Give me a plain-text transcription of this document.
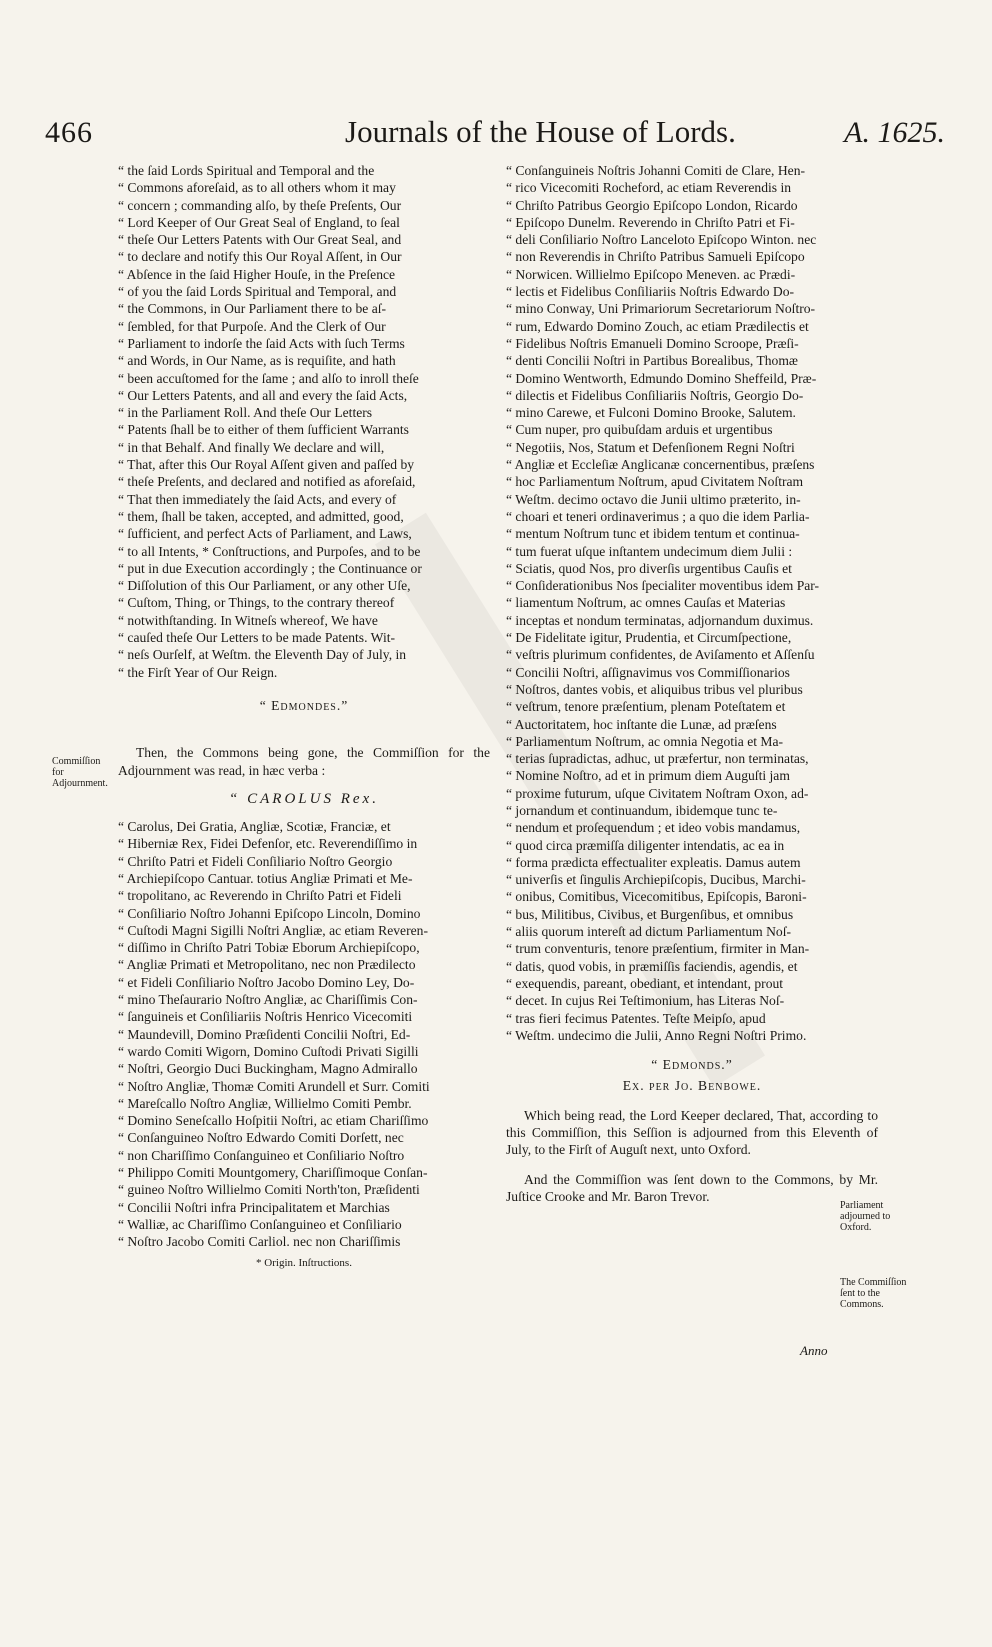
466	Journals of the House of Lords.	A. 1625.

“ the ſaid Lords Spiritual and Temporal and the

“ Commons aforeſaid, as to all others whom it may

“ concern ; commanding alſo, by theſe Preſents, Our

“ Lord Keeper of Our Great Seal of England, to ſeal

“ theſe Our Letters Patents with Our Great Seal, and

“ to declare and notify this Our Royal Aſſent, in Our

“ Abſence in the ſaid Higher Houſe, in the Preſence

“ of you the ſaid Lords Spiritual and Temporal, and

“ the Commons, in Our Parliament there to be aſ-

“ ſembled, for that Purpoſe. And the Clerk of Our

“ Parliament to indorſe the ſaid Acts with ſuch Terms

“ and Words, in Our Name, as is requiſite, and hath

“ been accuſtomed for the ſame ; and alſo to inroll theſe

“ Our Letters Patents, and all and every the ſaid Acts,

“ in the Parliament Roll. And theſe Our Letters

“ Patents ſhall be to either of them ſufficient Warrants

“ in that Behalf. And finally We declare and will,

“ That, after this Our Royal Aſſent given and paſſed by

“ theſe Preſents, and declared and notified as aforeſaid,

“ That then immediately the ſaid Acts, and every of

“ them, ſhall be taken, accepted, and admitted, good,

“ ſufficient, and perfect Acts of Parliament, and Laws,

“ to all Intents, * Conſtructions, and Purpoſes, and to be

“ put in due Execution accordingly ; the Continuance or

“ Diſſolution of this Our Parliament, or any other Uſe,

“ Cuſtom, Thing, or Things, to the contrary thereof

“ notwithſtanding. In Witneſs whereof, We have

“ cauſed theſe Our Letters to be made Patents. Wit-

“ neſs Ourſelf, at Weſtm. the Eleventh Day of July, in

“ the Firſt Year of Our Reign.

“ Edmondes.”

Then, the Commons being gone, the Commiſſion for the Adjournment was read, in hæc verba :

“ CAROLUS Rex.

“ Carolus, Dei Gratia, Angliæ, Scotiæ, Franciæ, et

“ Hiberniæ Rex, Fidei Defenſor, etc. Reverendiſſimo in

“ Chriſto Patri et Fideli Conſiliario Noſtro Georgio

“ Archiepiſcopo Cantuar. totius Angliæ Primati et Me-

“ tropolitano, ac Reverendo in Chriſto Patri et Fideli

“ Conſiliario Noſtro Johanni Epiſcopo Lincoln, Domino

“ Cuſtodi Magni Sigilli Noſtri Angliæ, ac etiam Reveren-

“ diſſimo in Chriſto Patri Tobiæ Eborum Archiepiſcopo,

“ Angliæ Primati et Metropolitano, nec non Prædilecto

“ et Fideli Conſiliario Noſtro Jacobo Domino Ley, Do-

“ mino Theſaurario Noſtro Angliæ, ac Chariſſimis Con-

“ ſanguineis et Conſiliariis Noſtris Henrico Vicecomiti

“ Maundevill, Domino Præſidenti Concilii Noſtri, Ed-

“ wardo Comiti Wigorn, Domino Cuſtodi Privati Sigilli

“ Noſtri, Georgio Duci Buckingham, Magno Admirallo

“ Noſtro Angliæ, Thomæ Comiti Arundell et Surr. Comiti

“ Mareſcallo Noſtro Angliæ, Willielmo Comiti Pembr.

“ Domino Seneſcallo Hoſpitii Noſtri, ac etiam Chariſſimo

“ Conſanguineo Noſtro Edwardo Comiti Dorſett, nec

“ non Chariſſimo Conſanguineo et Conſiliario Noſtro

“ Philippo Comiti Mountgomery, Chariſſimoque Conſan-

“ guineo Noſtro Willielmo Comiti North'ton, Præſidenti

“ Concilii Noſtri infra Principalitatem et Marchias

“ Walliæ, ac Chariſſimo Conſanguineo et Conſiliario

“ Noſtro Jacobo Comiti Carliol. nec non Chariſſimis

* Origin. Inſtructions.

“ Conſanguineis Noſtris Johanni Comiti de Clare, Hen-

“ rico Vicecomiti Rocheford, ac etiam Reverendis in

“ Chriſto Patribus Georgio Epiſcopo London, Ricardo

“ Epiſcopo Dunelm. Reverendo in Chriſto Patri et Fi-

“ deli Conſiliario Noſtro Lanceloto Epiſcopo Winton. nec

“ non Reverendis in Chriſto Patribus Samueli Epiſcopo

“ Norwicen. Willielmo Epiſcopo Meneven. ac Prædi-

“ lectis et Fidelibus Conſiliariis Noſtris Edwardo Do-

“ mino Conway, Uni Primariorum Secretariorum Noſtro-

“ rum, Edwardo Domino Zouch, ac etiam Prædilectis et

“ Fidelibus Noſtris Emanueli Domino Scroope, Præſi-

“ denti Concilii Noſtri in Partibus Borealibus, Thomæ

“ Domino Wentworth, Edmundo Domino Sheffeild, Præ-

“ dilectis et Fidelibus Conſiliariis Noſtris, Georgio Do-

“ mino Carewe, et Fulconi Domino Brooke, Salutem.

“ Cum nuper, pro quibuſdam arduis et urgentibus

“ Negotiis, Nos, Statum et Defenſionem Regni Noſtri

“ Angliæ et Eccleſiæ Anglicanæ concernentibus, præſens

“ hoc Parliamentum Noſtrum, apud Civitatem Noſtram

“ Weſtm. decimo octavo die Junii ultimo præterito, in-

“ choari et teneri ordinaverimus ; a quo die idem Parlia-

“ mentum Noſtrum tunc et ibidem tentum et continua-

“ tum fuerat uſque inſtantem undecimum diem Julii :

“ Sciatis, quod Nos, pro diverſis urgentibus Cauſis et

“ Conſiderationibus Nos ſpecialiter moventibus idem Par-

“ liamentum Noſtrum, ac omnes Cauſas et Materias

“ inceptas et nondum terminatas, adjornandum duximus.

“ De Fidelitate igitur, Prudentia, et Circumſpectione,

“ veſtris plurimum confidentes, de Aviſamento et Aſſenſu

“ Concilii Noſtri, aſſignavimus vos Commiſſionarios

“ Noſtros, dantes vobis, et aliquibus tribus vel pluribus

“ veſtrum, tenore præſentium, plenam Poteſtatem et

“ Auctoritatem, hoc inſtante die Lunæ, ad præſens

“ Parliamentum Noſtrum, ac omnia Negotia et Ma-

“ terias ſupradictas, adhuc, ut præfertur, non terminatas,

“ Nomine Noſtro, ad et in primum diem Auguſti jam

“ proxime futurum, uſque Civitatem Noſtram Oxon, ad-

“ jornandum et continuandum, ibidemque tunc te-

“ nendum et proſequendum ; et ideo vobis mandamus,

“ quod circa præmiſſa diligenter intendatis, ac ea in

“ forma prædicta effectualiter expleatis. Damus autem

“ univerſis et ſingulis Archiepiſcopis, Ducibus, Marchi-

“ onibus, Comitibus, Vicecomitibus, Epiſcopis, Baroni-

“ bus, Militibus, Civibus, et Burgenſibus, et omnibus

“ aliis quorum intereſt ad dictum Parliamentum Noſ-

“ trum conventuris, tenore præſentium, firmiter in Man-

“ datis, quod vobis, in præmiſſis faciendis, agendis, et

“ exequendis, pareant, obediant, et intendant, prout

“ decet. In cujus Rei Teſtimonium, has Literas Noſ-

“ tras fieri fecimus Patentes. Teſte Meipſo, apud

“ Weſtm. undecimo die Julii, Anno Regni Noſtri Primo.

“ Edmonds.”

Ex. per Jo. Benbowe.

Which being read, the Lord Keeper declared, That, according to this Commiſſion, this Seſſion is adjourned from this Eleventh of July, to the Firſt of Auguſt next, unto Oxford.

And the Commiſſion was ſent down to the Commons, by Mr. Juſtice Crooke and Mr. Baron Trevor.

Commiſſion for Adjournment.
Parliament adjourned to Oxford.
The Commiſſion ſent to the Commons.
Anno
